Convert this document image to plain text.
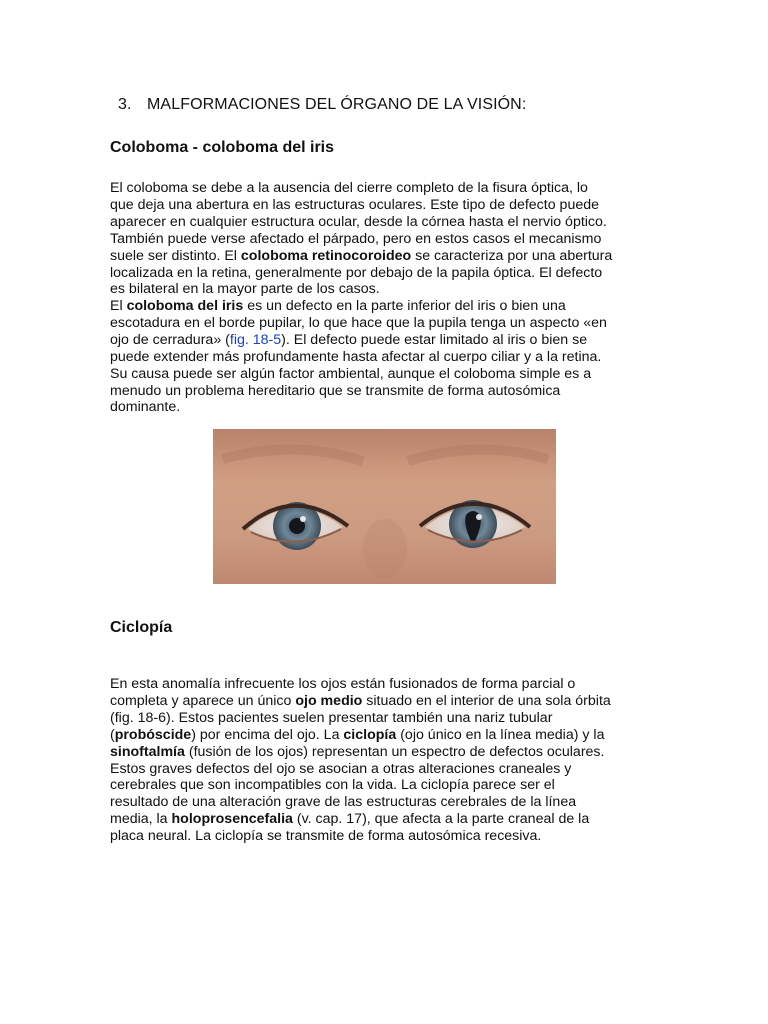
3. MALFORMACIONES DEL ÓRGANO DE LA VISIÓN:
Coloboma - coloboma del iris
El coloboma se debe a la ausencia del cierre completo de la fisura óptica, lo
que deja una abertura en las estructuras oculares. Este tipo de defecto puede
aparecer en cualquier estructura ocular, desde la córnea hasta el nervio óptico.
También puede verse afectado el párpado, pero en estos casos el mecanismo
suele ser distinto. El coloboma retinocoroideo se caracteriza por una abertura
localizada en la retina, generalmente por debajo de la papila óptica. El defecto
es bilateral en la mayor parte de los casos.
El coloboma del iris es un defecto en la parte inferior del iris o bien una
escotadura en el borde pupilar, lo que hace que la pupila tenga un aspecto «en
ojo de cerradura» (fig. 18-5). El defecto puede estar limitado al iris o bien se
puede extender más profundamente hasta afectar al cuerpo ciliar y a la retina.
Su causa puede ser algún factor ambiental, aunque el coloboma simple es a
menudo un problema hereditario que se transmite de forma autosómica
dominante.
Ciclopía
En esta anomalía infrecuente los ojos están fusionados de forma parcial o
completa y aparece un único ojo medio situado en el interior de una sola órbita
(fig. 18-6). Estos pacientes suelen presentar también una nariz tubular
(probóscide) por encima del ojo. La ciclopía (ojo único en la línea media) y la
sinoftalmía (fusión de los ojos) representan un espectro de defectos oculares.
Estos graves defectos del ojo se asocian a otras alteraciones craneales y
cerebrales que son incompatibles con la vida. La ciclopía parece ser el
resultado de una alteración grave de las estructuras cerebrales de la línea
media, la holoprosencefalia (v. cap. 17), que afecta a la parte craneal de la
placa neural. La ciclopía se transmite de forma autosómica recesiva.
